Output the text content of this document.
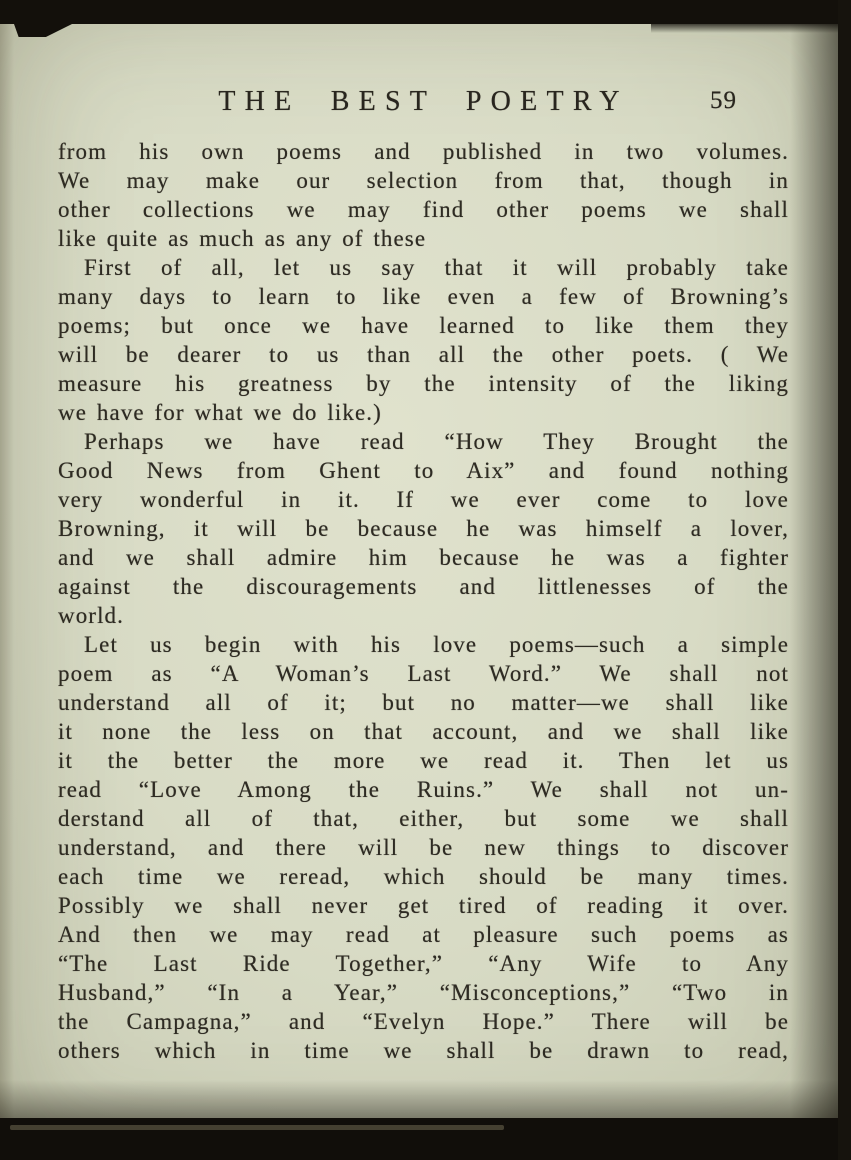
THE BEST POETRY	59
from his own poems and published in two volumes.
We may make our selection from that, though in
other collections we may find other poems we shall
like quite as much as any of these
First of all, let us say that it will probably take
many days to learn to like even a few of Browning’s
poems; but once we have learned to like them they
will be dearer to us than all the other poets. ( We
measure his greatness by the intensity of the liking
we have for what we do like.)
Perhaps we have read “How They Brought the
Good News from Ghent to Aix” and found nothing
very wonderful in it. If we ever come to love
Browning, it will be because he was himself a lover,
and we shall admire him because he was a fighter
against the discouragements and littlenesses of the
world.
Let us begin with his love poems—such a simple
poem as “A Woman’s Last Word.” We shall not
understand all of it; but no matter—we shall like
it none the less on that account, and we shall like
it the better the more we read it. Then let us
read “Love Among the Ruins.” We shall not un-
derstand all of that, either, but some we shall
understand, and there will be new things to discover
each time we reread, which should be many times.
Possibly we shall never get tired of reading it over.
And then we may read at pleasure such poems as
“The Last Ride Together,” “Any Wife to Any
Husband,” “In a Year,” “Misconceptions,” “Two in
the Campagna,” and “Evelyn Hope.” There will be
others which in time we shall be drawn to read,
